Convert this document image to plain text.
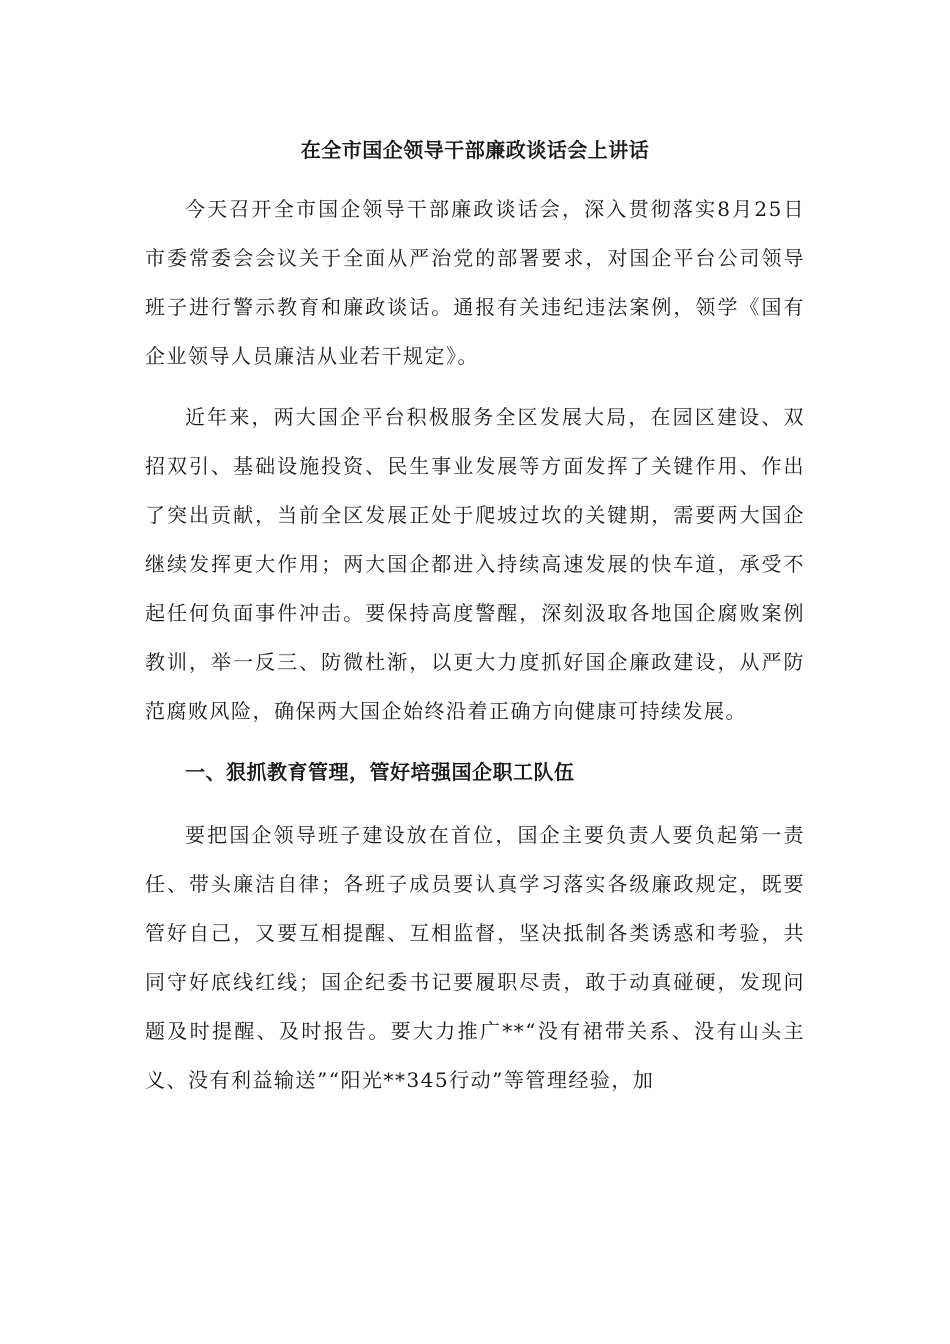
在全市国企领导干部廉政谈话会上讲话

今天召开全市国企领导干部廉政谈话会，深入贯彻落实8月25日市委常委会会议关于全面从严治党的部署要求，对国企平台公司领导班子进行警示教育和廉政谈话。通报有关违纪违法案例，领学《国有企业领导人员廉洁从业若干规定》。

近年来，两大国企平台积极服务全区发展大局，在园区建设、双招双引、基础设施投资、民生事业发展等方面发挥了关键作用、作出了突出贡献，当前全区发展正处于爬坡过坎的关键期，需要两大国企继续发挥更大作用；两大国企都进入持续高速发展的快车道，承受不起任何负面事件冲击。要保持高度警醒，深刻汲取各地国企腐败案例教训，举一反三、防微杜渐，以更大力度抓好国企廉政建设，从严防范腐败风险，确保两大国企始终沿着正确方向健康可持续发展。

一、狠抓教育管理，管好培强国企职工队伍

要把国企领导班子建设放在首位，国企主要负责人要负起第一责任、带头廉洁自律；各班子成员要认真学习落实各级廉政规定，既要管好自己，又要互相提醒、互相监督，坚决抵制各类诱惑和考验，共同守好底线红线；国企纪委书记要履职尽责，敢于动真碰硬，发现问题及时提醒、及时报告。要大力推广**“没有裙带关系、没有山头主义、没有利益输送”“阳光**345行动”等管理经验，加
